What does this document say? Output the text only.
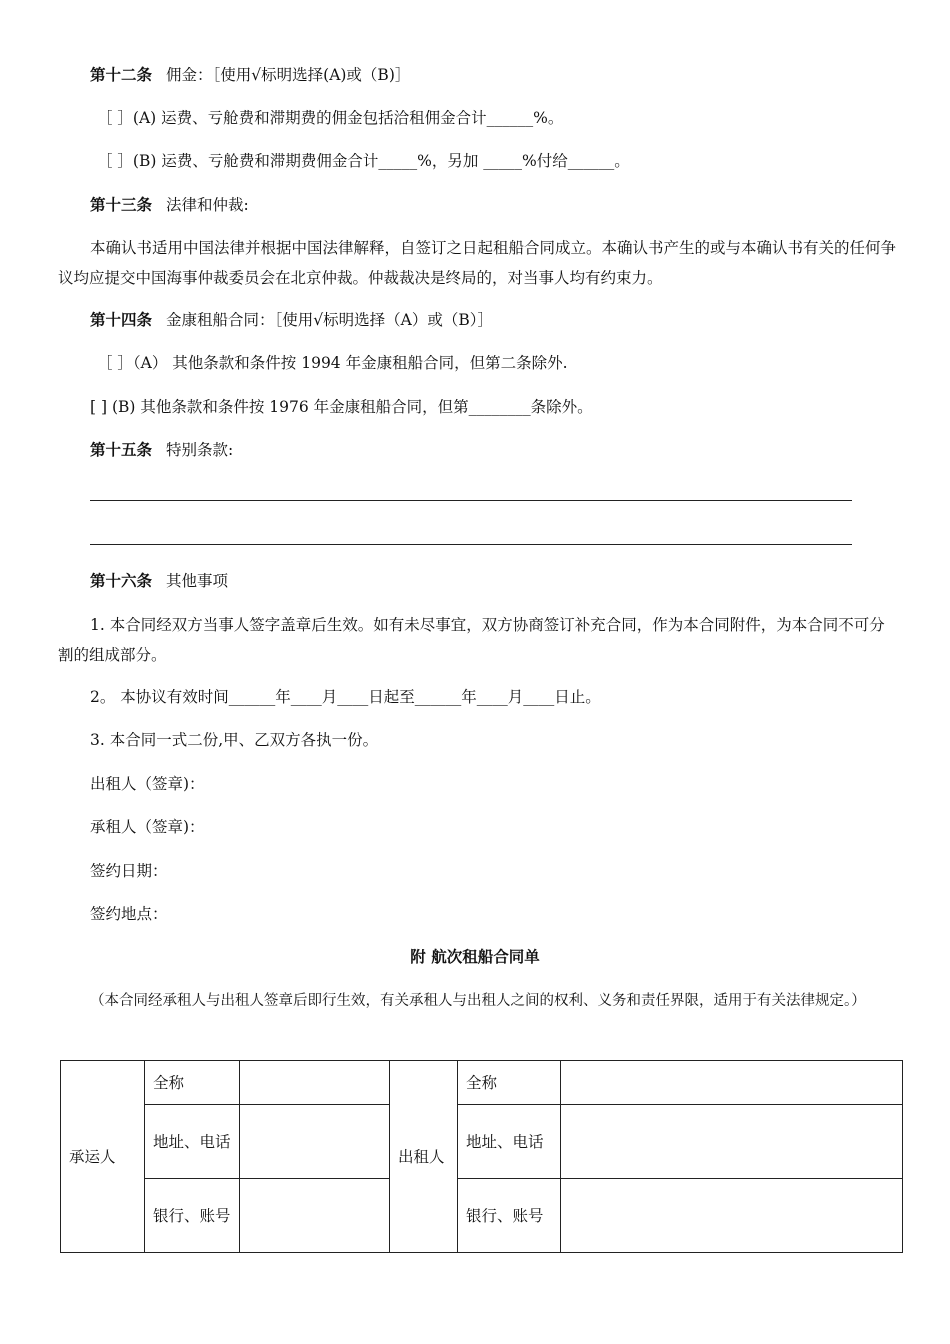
第十二条 佣金：［使用√标明选择(A)或（B)］
［ ］(A) 运费、亏舱费和滞期费的佣金包括洽租佣金合计______%。
［ ］(B) 运费、亏舱费和滞期费佣金合计_____%，另加 _____%付给______。
第十三条 法律和仲裁:
本确认书适用中国法律并根据中国法律解释，自签订之日起租船合同成立。本确认书产生的或与本确认书有关的任何争议均应提交中国海事仲裁委员会在北京仲裁。仲裁裁决是终局的，对当事人均有约束力。
第十四条 金康租船合同：［使用√标明选择（A）或（B）］
［ ］（A） 其他条款和条件按 1994 年金康租船合同，但第二条除外.
[ ] (B) 其他条款和条件按 1976 年金康租船合同，但第________条除外。
第十五条 特别条款:
第十六条 其他事项
1. 本合同经双方当事人签字盖章后生效。如有未尽事宜，双方协商签订补充合同，作为本合同附件，为本合同不可分割的组成部分。
2。 本协议有效时间______年____月____日起至______年____月____日止。
3. 本合同一式二份,甲、乙双方各执一份。
出租人（签章)：
承租人（签章)：
签约日期：
签约地点：
附 航次租船合同单
（本合同经承租人与出租人签章后即行生效，有关承租人与出租人之间的权利、义务和责任界限，适用于有关法律规定。）
承运人	全称		出租人	全称	
	地址、电话			地址、电话	
	银行、账号			银行、账号	
